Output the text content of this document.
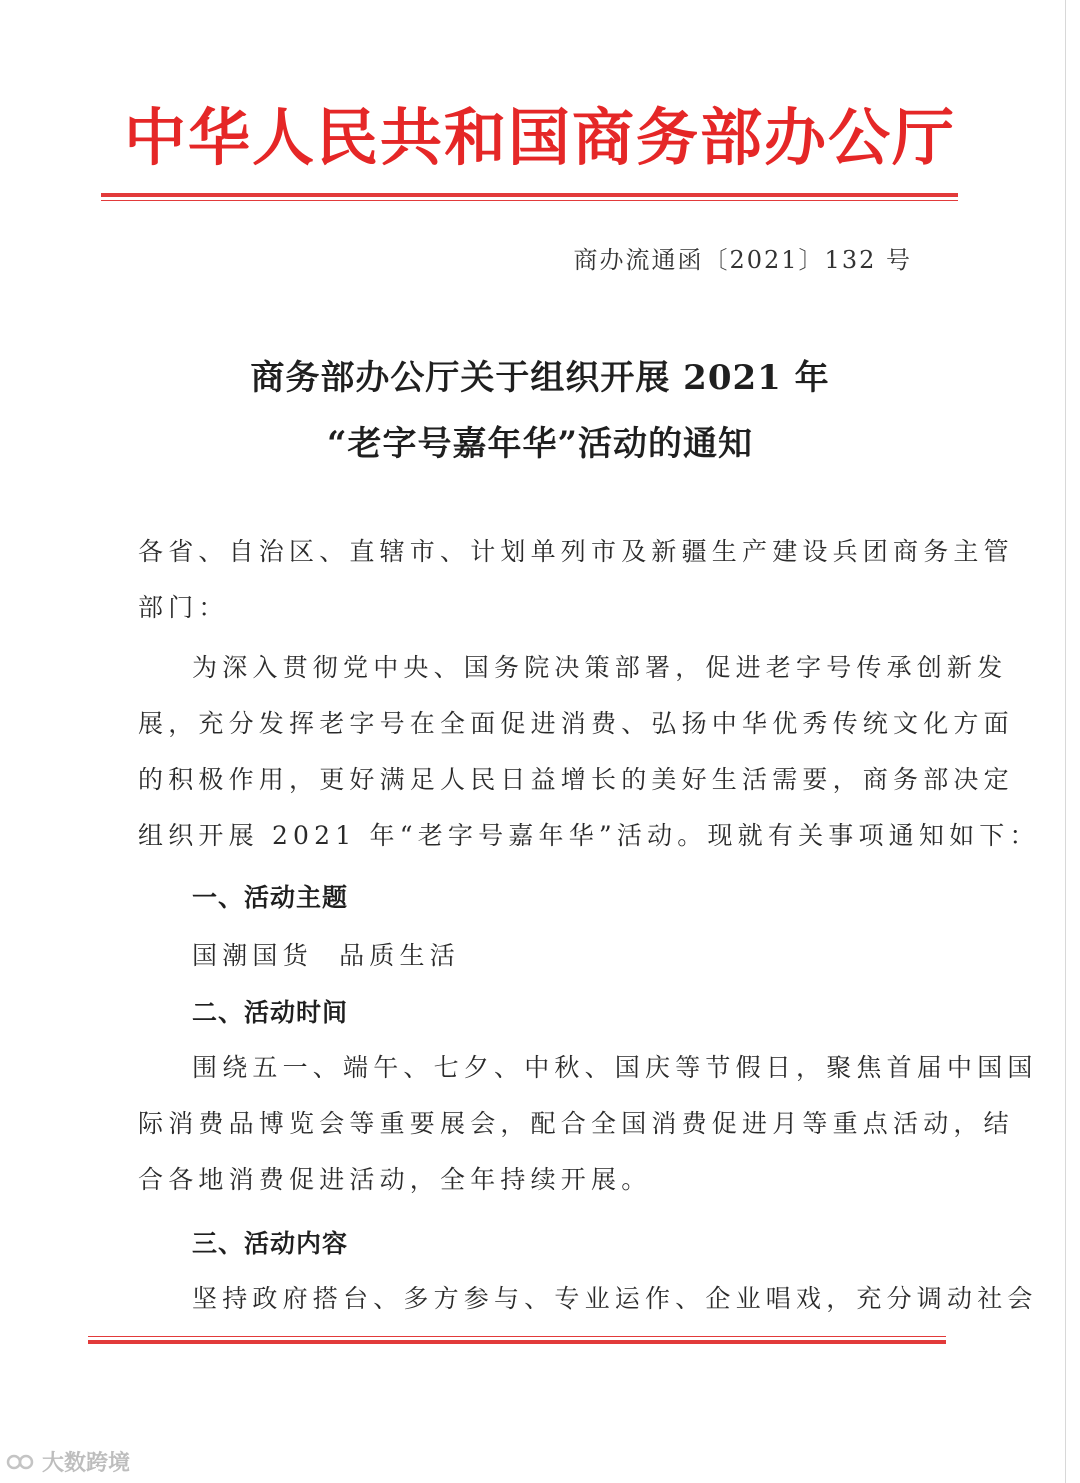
中华人民共和国商务部办公厅
商办流通函〔2021〕132 号
商务部办公厅关于组织开展 2021 年
“老字号嘉年华”活动的通知
各省、自治区、直辖市、计划单列市及新疆生产建设兵团商务主管
部门：
为深入贯彻党中央、国务院决策部署，促进老字号传承创新发
展，充分发挥老字号在全面促进消费、弘扬中华优秀传统文化方面
的积极作用，更好满足人民日益增长的美好生活需要，商务部决定
组织开展 2021 年“老字号嘉年华”活动。现就有关事项通知如下：
一、活动主题
国潮国货  品质生活
二、活动时间
围绕五一、端午、七夕、中秋、国庆等节假日，聚焦首届中国国
际消费品博览会等重要展会，配合全国消费促进月等重点活动，结
合各地消费促进活动，全年持续开展。
三、活动内容
坚持政府搭台、多方参与、专业运作、企业唱戏，充分调动社会
大数跨境
